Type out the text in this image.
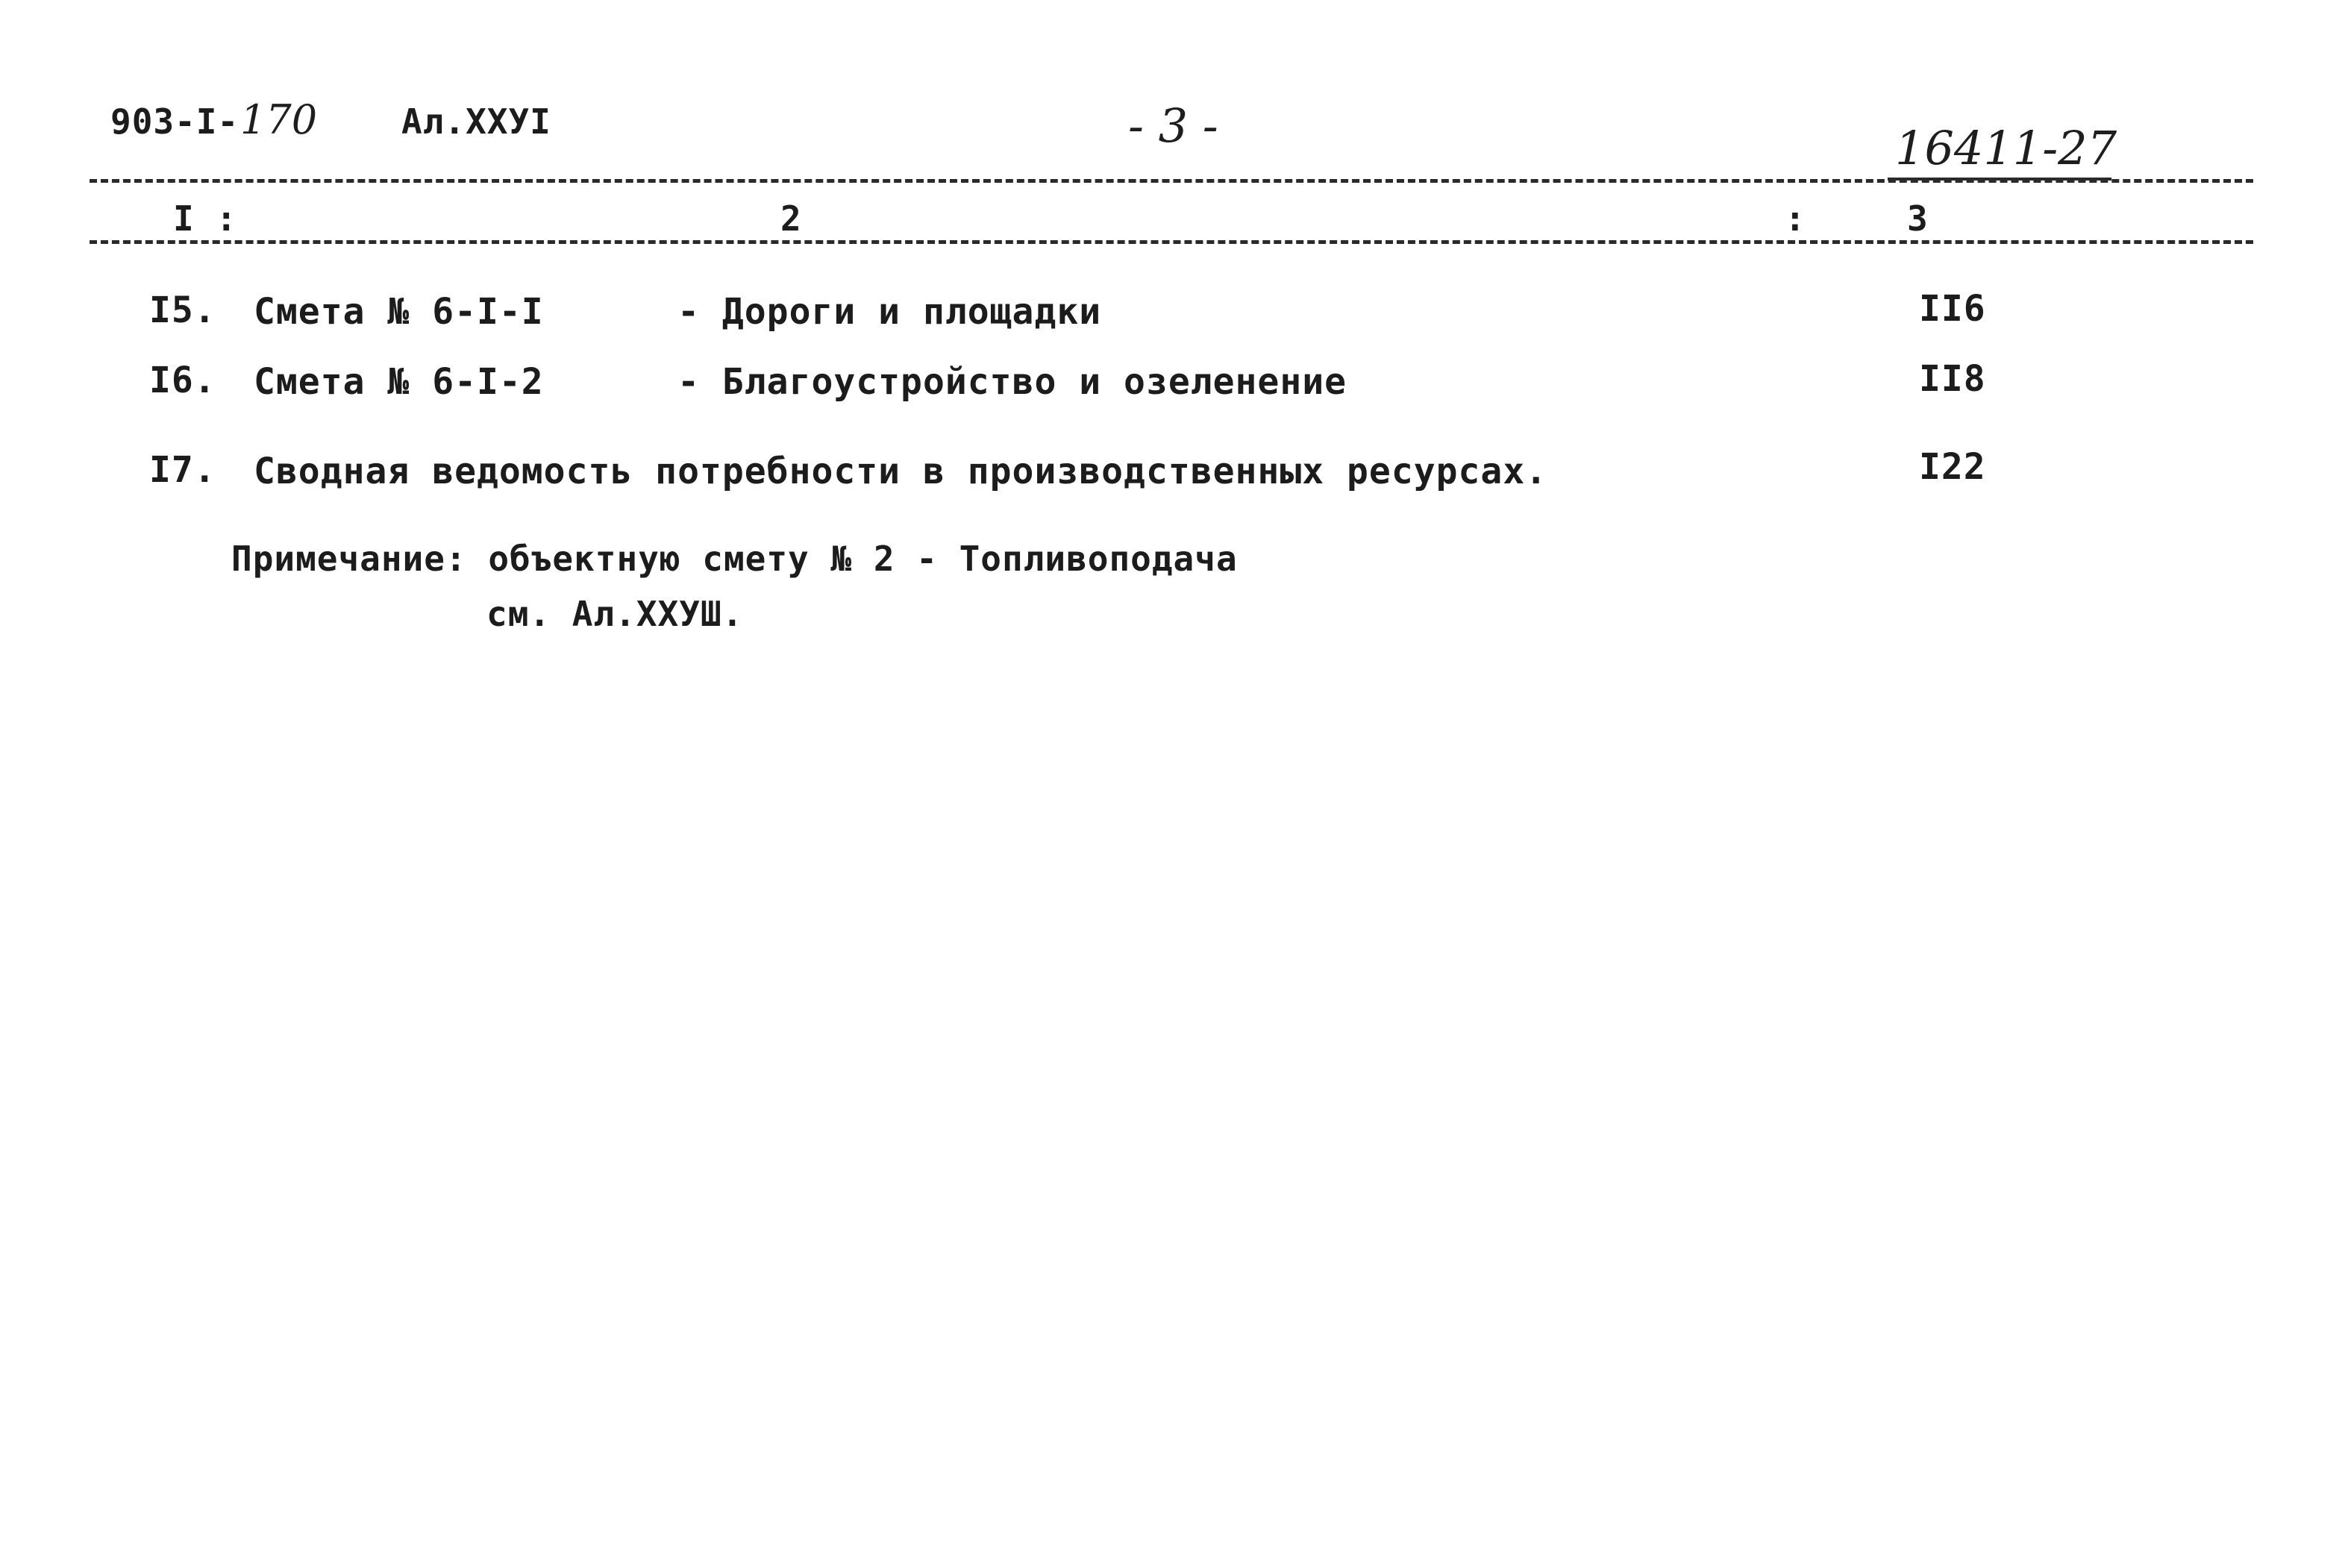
903-I- 170 Ал.XXУI	- 3 -	16411-27
I :	2	:	3
I5. Смета № 6-I-I      - Дороги и площадки	II6
I6. Смета № 6-I-2      - Благоустройство и озеленение	II8
I7. Сводная ведомость потребности в производственных ресурсах.	I22
Примечание: объектную смету № 2 - Топливоподача
см. Ал.XXУШ.
